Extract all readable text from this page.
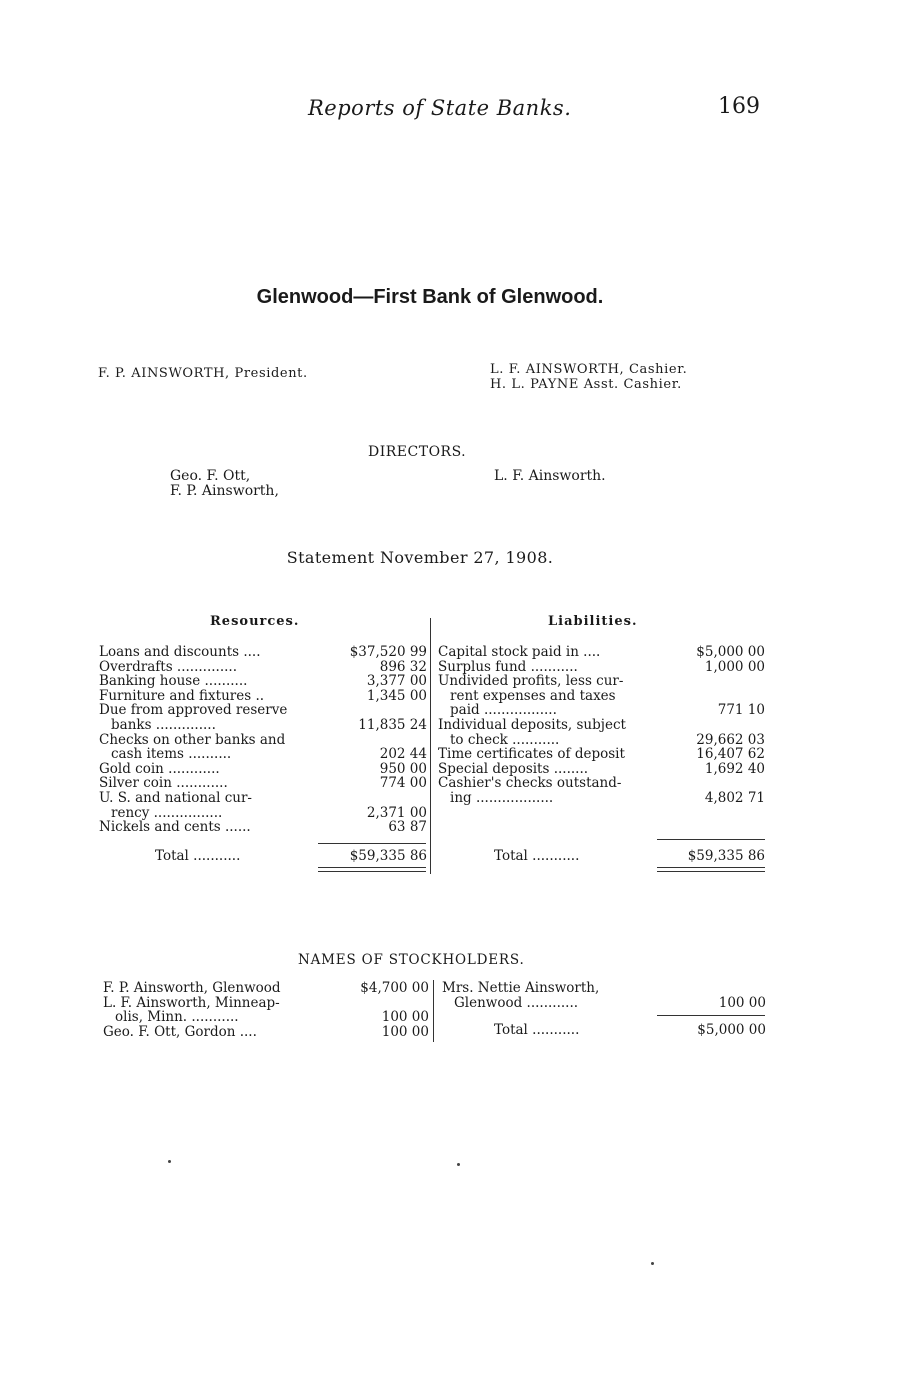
Reports of State Banks.	169
Glenwood—First Bank of Glenwood.
F. P. AINSWORTH, President.	L. F. AINSWORTH, Cashier.
H. L. PAYNE Asst. Cashier.
DIRECTORS.
Geo. F. Ott,
F. P. Ainsworth,
L. F. Ainsworth.
Statement November 27, 1908.
Resources.	Liabilities.
Loans and discounts ....	$37,520 99
Overdrafts ..............	896 32
Banking house ..........	3,377 00
Furniture and fixtures ..	1,345 00
Due from approved reserve
banks ..............	11,835 24
Checks on other banks and
cash items ..........	202 44
Gold coin ............	950 00
Silver coin ............	774 00
U. S. and national cur-
rency ................	2,371 00
Nickels and cents ......	63 87
Capital stock paid in ....	$5,000 00
Surplus fund ...........	1,000 00
Undivided profits, less cur-
rent expenses and taxes
paid .................	771 10
Individual deposits, subject
to check ...........	29,662 03
Time certificates of deposit	16,407 62
Special deposits ........	1,692 40
Cashier's checks outstand-
ing ..................	4,802 71
Total ...........	$59,335 86	Total ...........	$59,335 86
NAMES OF STOCKHOLDERS.
F. P. Ainsworth, Glenwood	$4,700 00
L. F. Ainsworth, Minneap-
olis, Minn. ...........	100 00
Geo. F. Ott, Gordon ....	100 00
Mrs. Nettie Ainsworth,
Glenwood ............	100 00
Total ...........	$5,000 00
